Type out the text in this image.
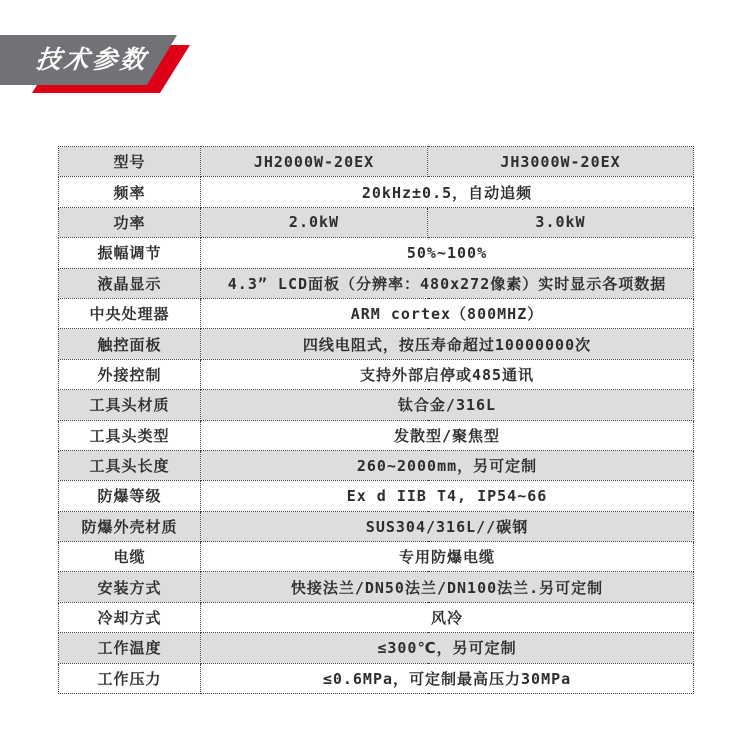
技术参数
型号	JH2000W-20EX	JH3000W-20EX
频率	20kHz±0.5，自动追频	
功率	2.0kW	3.0kW
振幅调节	50%~100%	
液晶显示	4.3” LCD面板（分辨率：480x272像素）实时显示各项数据	
中央处理器	ARM cortex（800MHZ）	
触控面板	四线电阻式，按压寿命超过10000000次	
外接控制	支持外部启停或485通讯	
工具头材质	钛合金/316L	
工具头类型	发散型/聚焦型	
工具头长度	260~2000mm，另可定制	
防爆等级	Ex d IIB T4, IP54~66	
防爆外壳材质	SUS304/316L//碳钢	
电缆	专用防爆电缆	
安装方式	快接法兰/DN50法兰/DN100法兰.另可定制	
冷却方式	风冷	
工作温度	≤300℃，另可定制	
工作压力	≤0.6MPa，可定制最高压力30MPa	
